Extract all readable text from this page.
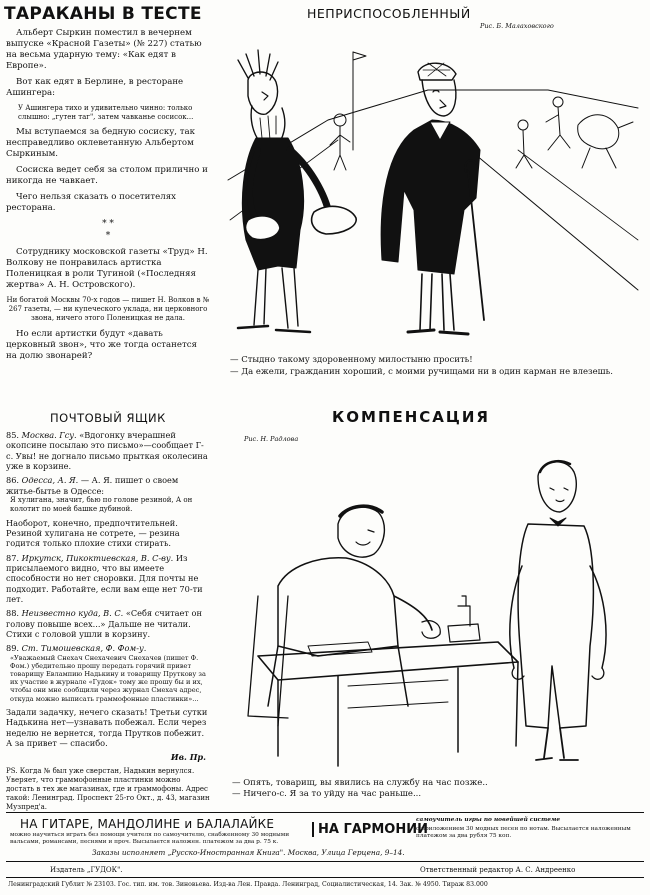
ТАРАКАНЫ В ТЕСТЕ

Альберт Сыркин поместил в вечернем выпуске «Красной Газеты» (№ 227) статью на весьма ударную тему: «Как едят в Европе».

Вот как едят в Берлине, в ресторане Ашингера:

У Ашингера тихо и удивительно чинно: только слышно: „гутен таг", затем чавканье сосисок...

Мы вступаемся за бедную сосиску, так несправедливо оклеветанную Альбертом Сыркиным.

Сосиска ведет себя за столом прилично и никогда не чавкает.

Чего нельзя сказать о посетителях ресторана.

* *
*

Сотруднику московской газеты «Труд» Н. Волкову не понравилась артистка Поленицкая в роли Тугиной («Последняя жертва» А. Н. Островского).

Ни богатой Москвы 70-х годов — пишет Н. Волков в № 267 газеты, — ни купеческого уклада, ни церковного звона, ничего этого Поленицкая не дала.

Но если артистки будут «давать церковный звон», что же тогда останется на долю звонарей?

НЕПРИСПОСОБЛЕННЫЙ
Рис. Б. Малаховского
— Стыдно такому здоровенному милостыню просить!
— Да ежели, гражданин хороший, с моими ручищами ни в один карман не влезешь.
ПОЧТОВЫЙ ЯЩИК
85. Москва. Гсу. «Вдогонку вчерашней окопсине посылаю это письмо»—сообщает Г-с. Увы! не догнало письмо прыткая околесина уже в корзине.
86. Одесса, А. Я. — А. Я. пишет о своем житье-бытье в Одессе:
Я хулигана, значит, бью по голове резиной, А он колотит по моей башке дубиной.
Наоборот, конечно, предпочтительней. Резиной хулигана не сотрете, — резина годится только плохие стихи стирать.
87. Иркутск, Пикоктиевская, В. С-ву. Из присылаемого видно, что вы имеете способности но нет сноровки. Для почты не подходит. Работайте, если вам еще нет 70-ти лет.
88. Неизвестно куда, В. С. «Себя считает он голову повыше всех...» Дальше не читали. Стихи с головой ушли в корзину.
89. Ст. Тимошевская, Ф. Фом-у.
«Уважаемый Снехач Снехачевич Снехачев (пишет Ф. Фом.) убедительно прошу передать горячий привет товарищу Евлампию Надькину и товарищу Пруткову за их участие в журнале «Гудок» тому же прошу бы и их, чтобы они мне сообщили через журнал Смехач адрес, откуда можно выписать граммофонные пластинки»...
Задали задачку, нечего сказать! Третьи сутки Надькина нет—узнавать побежал. Если через неделю не вернется, тогда Прутков побежит. А за привет — спасибо.
Ив. Пр.
PS. Когда № был уже сверстан, Надькин вернулся. Уверяет, что граммофонные пластинки можно достать в тех же магазинах, где и граммофоны. Адрес такой: Ленинград. Проспект 25-го Окт., д. 43, магазин Музпред'а.
КОМПЕНСАЦИЯ
Рис. Н. Радлова
— Опять, товарищ, вы явились на службу на час позже..
— Ничего-с. Я за то уйду на час раньше...
НА ГИТАРЕ, МАНДОЛИНЕ и БАЛАЛАЙКЕ
можно научиться играть без помощи учителя по самоучителю, снабженному 30 модными вальсами, романсами, песнями и проч. Высылается наложен. платежом за два р. 75 к.
НА ГАРМОНИИ
самоучитель игры по новейшей системе
с приложением 30 модных песен по нотам. Высылается наложенным платежом за два рубля 75 коп.
Заказы исполняет „Русско-Иностранная Книга". Москва, Улица Герцена, 9–14.
Издатель „ГУДОК".	Ответственный редактор А. С. Андреенко
Ленинградский Гублит № 23103. Гос. тип. им. тов. Зиновьева. Изд-ва Лен. Правда. Ленинград, Социалистическая, 14. Зак. № 4950. Тираж 83.000
